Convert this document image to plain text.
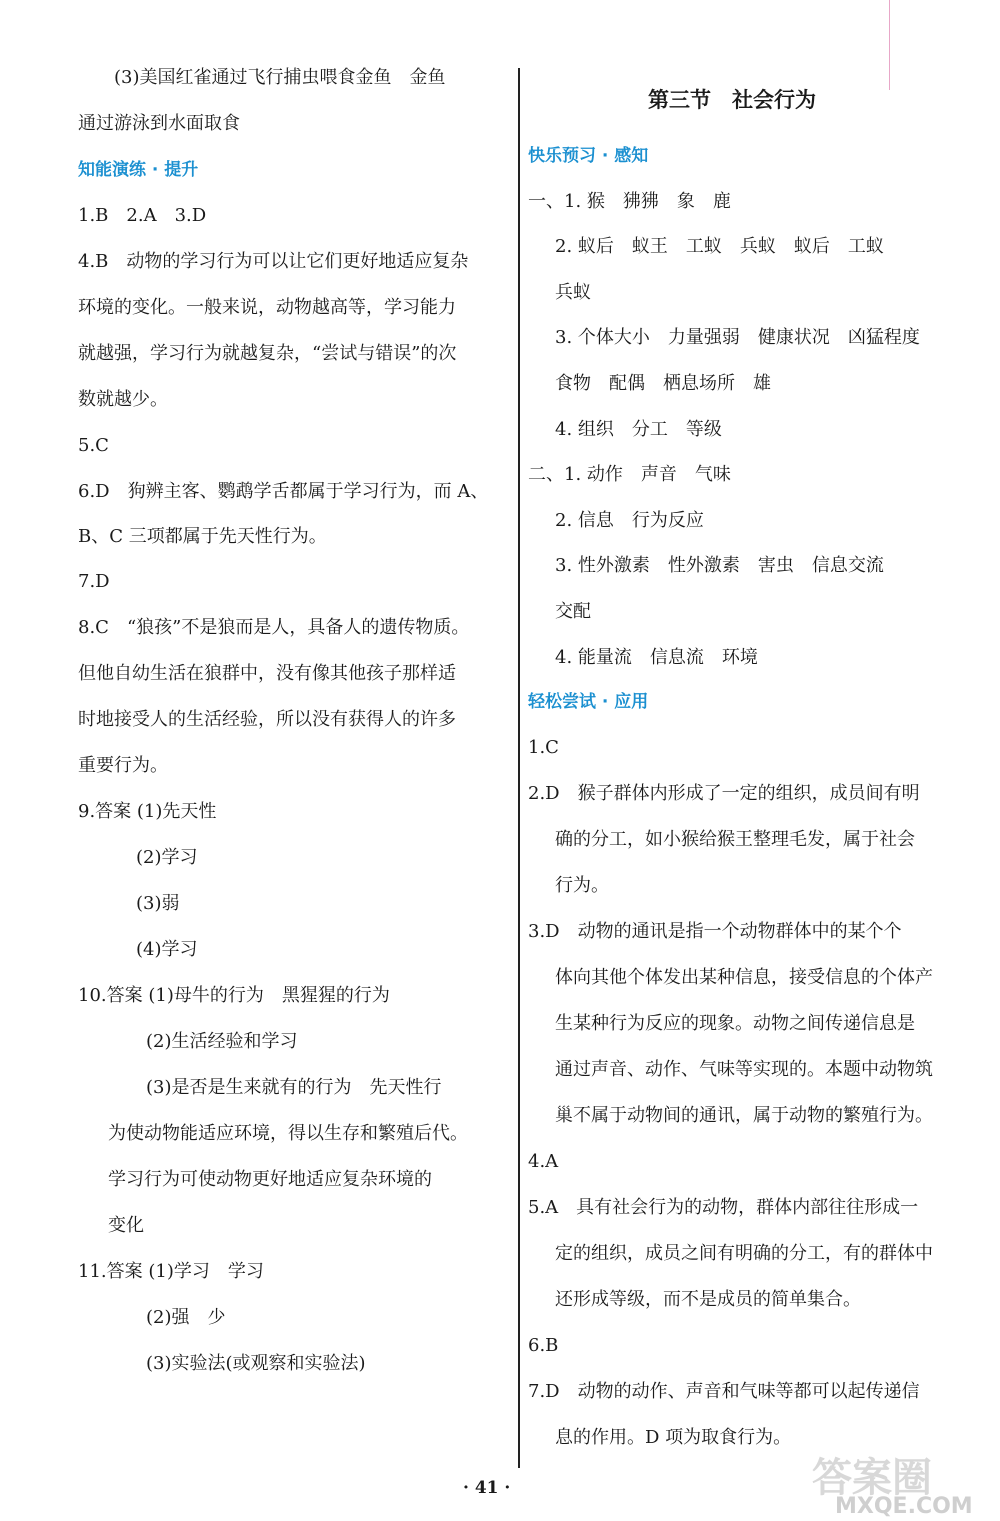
(3)美国红雀通过飞行捕虫喂食金鱼　金鱼
通过游泳到水面取食
知能演练 · 提升
1.B　2.A　3.D
4.B　动物的学习行为可以让它们更好地适应复杂
环境的变化。一般来说，动物越高等，学习能力
就越强，学习行为就越复杂，“尝试与错误”的次
数就越少。
5.C
6.D　狗辨主客、鹦鹉学舌都属于学习行为，而 A、
B、C 三项都属于先天性行为。
7.D
8.C　“狼孩”不是狼而是人，具备人的遗传物质。
但他自幼生活在狼群中，没有像其他孩子那样适
时地接受人的生活经验，所以没有获得人的许多
重要行为。
9.答案 (1)先天性
(2)学习
(3)弱
(4)学习
10.答案 (1)母牛的行为　黑猩猩的行为
(2)生活经验和学习
(3)是否是生来就有的行为　先天性行
为使动物能适应环境，得以生存和繁殖后代。
学习行为可使动物更好地适应复杂环境的
变化
11.答案 (1)学习　学习
(2)强　少
(3)实验法(或观察和实验法)
第三节　社会行为
快乐预习 · 感知
一、1. 猴　狒狒　象　鹿
2. 蚁后　蚁王　工蚁　兵蚁　蚁后　工蚁
兵蚁
3. 个体大小　力量强弱　健康状况　凶猛程度
食物　配偶　栖息场所　雄
4. 组织　分工　等级
二、1. 动作　声音　气味
2. 信息　行为反应
3. 性外激素　性外激素　害虫　信息交流
交配
4. 能量流　信息流　环境
轻松尝试 · 应用
1.C
2.D　猴子群体内形成了一定的组织，成员间有明
确的分工，如小猴给猴王整理毛发，属于社会
行为。
3.D　动物的通讯是指一个动物群体中的某个个
体向其他个体发出某种信息，接受信息的个体产
生某种行为反应的现象。动物之间传递信息是
通过声音、动作、气味等实现的。本题中动物筑
巢不属于动物间的通讯，属于动物的繁殖行为。
4.A
5.A　具有社会行为的动物，群体内部往往形成一
定的组织，成员之间有明确的分工，有的群体中
还形成等级，而不是成员的简单集合。
6.B
7.D　动物的动作、声音和气味等都可以起传递信
息的作用。D 项为取食行为。
· 41 ·	答案圈
MXQE.COM
